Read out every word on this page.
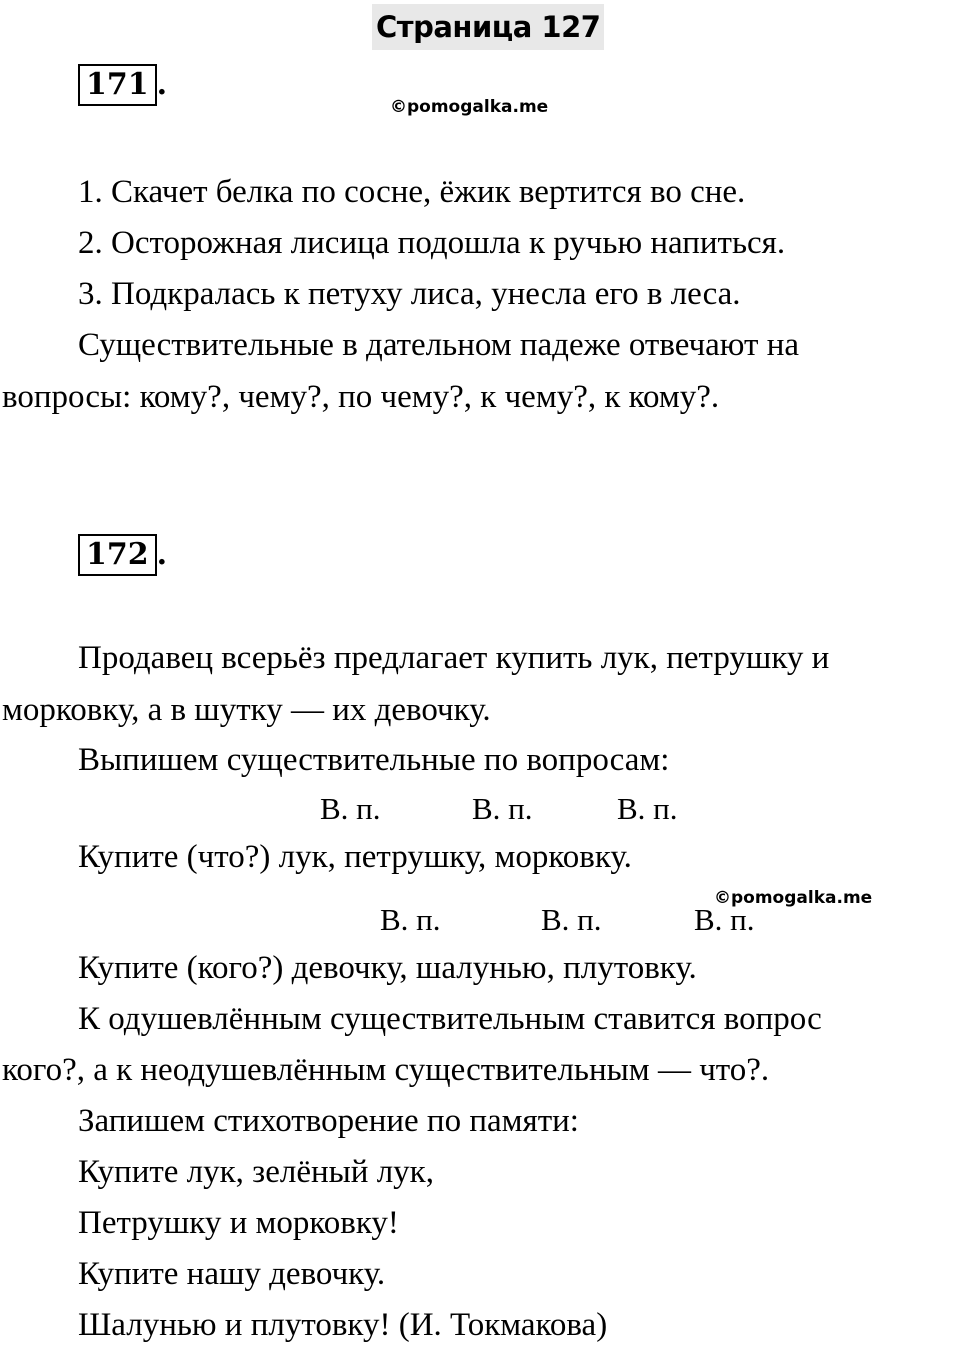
Страница 127
171 .
©pomogalka.me
1. Скачет белка по сосне, ёжик вертится во сне.
2. Осторожная лисица подошла к ручью напиться.
3. Подкралась к петуху лиса, унесла его в леса.
Существительные в дательном падеже отвечают на
вопросы: кому?, чему?, по чему?, к чему?, к кому?.
172 .
Продавец всерьёз предлагает купить лук, петрушку и
морковку, а в шутку — их девочку.
Выпишем существительные по вопросам:
В. п.	В. п.	В. п.
Купите (что?) лук, петрушку, морковку.
©pomogalka.me
В. п.	В. п.	В. п.
Купите (кого?) девочку, шалунью, плутовку.
К одушевлённым существительным ставится вопрос
кого?, а к неодушевлённым существительным — что?.
Запишем стихотворение по памяти:
Купите лук, зелёный лук,
Петрушку и морковку!
Купите нашу девочку.
Шалунью и плутовку! (И. Токмакова)
